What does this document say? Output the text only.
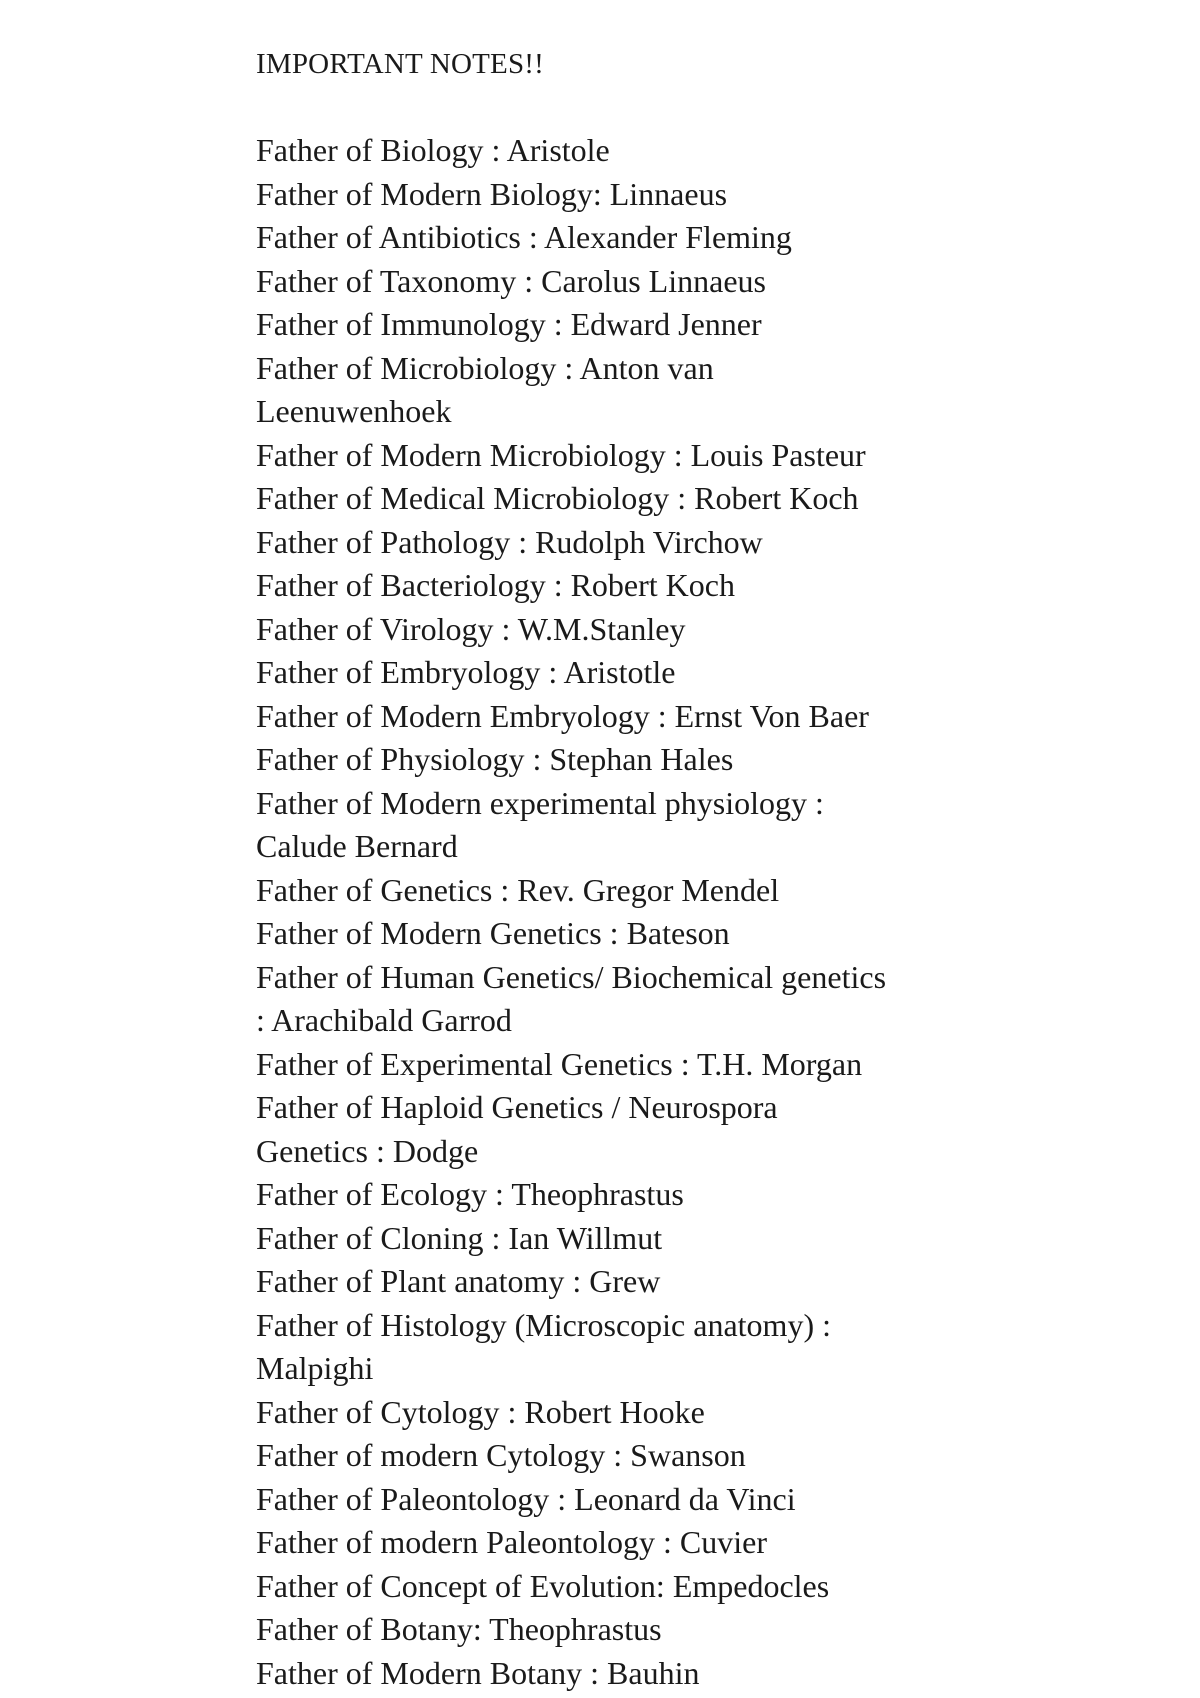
IMPORTANT NOTES!!
Father of Biology : Aristole
Father of Modern Biology: Linnaeus
Father of Antibiotics : Alexander Fleming
Father of Taxonomy : Carolus Linnaeus
Father of Immunology : Edward Jenner
Father of Microbiology : Anton van
Leenuwenhoek
Father of Modern Microbiology : Louis Pasteur
Father of Medical Microbiology : Robert Koch
Father of Pathology : Rudolph Virchow
Father of Bacteriology : Robert Koch
Father of Virology : W.M.Stanley
Father of Embryology : Aristotle
Father of Modern Embryology : Ernst Von Baer
Father of Physiology : Stephan Hales
Father of Modern experimental physiology :
Calude Bernard
Father of Genetics : Rev. Gregor Mendel
Father of Modern Genetics : Bateson
Father of Human Genetics/ Biochemical genetics
: Arachibald Garrod
Father of Experimental Genetics : T.H. Morgan
Father of Haploid Genetics / Neurospora
Genetics : Dodge
Father of Ecology : Theophrastus
Father of Cloning : Ian Willmut
Father of Plant anatomy : Grew
Father of Histology (Microscopic anatomy) :
Malpighi
Father of Cytology : Robert Hooke
Father of modern Cytology : Swanson
Father of Paleontology : Leonard da Vinci
Father of modern Paleontology : Cuvier
Father of Concept of Evolution: Empedocles
Father of Botany: Theophrastus
Father of Modern Botany : Bauhin
